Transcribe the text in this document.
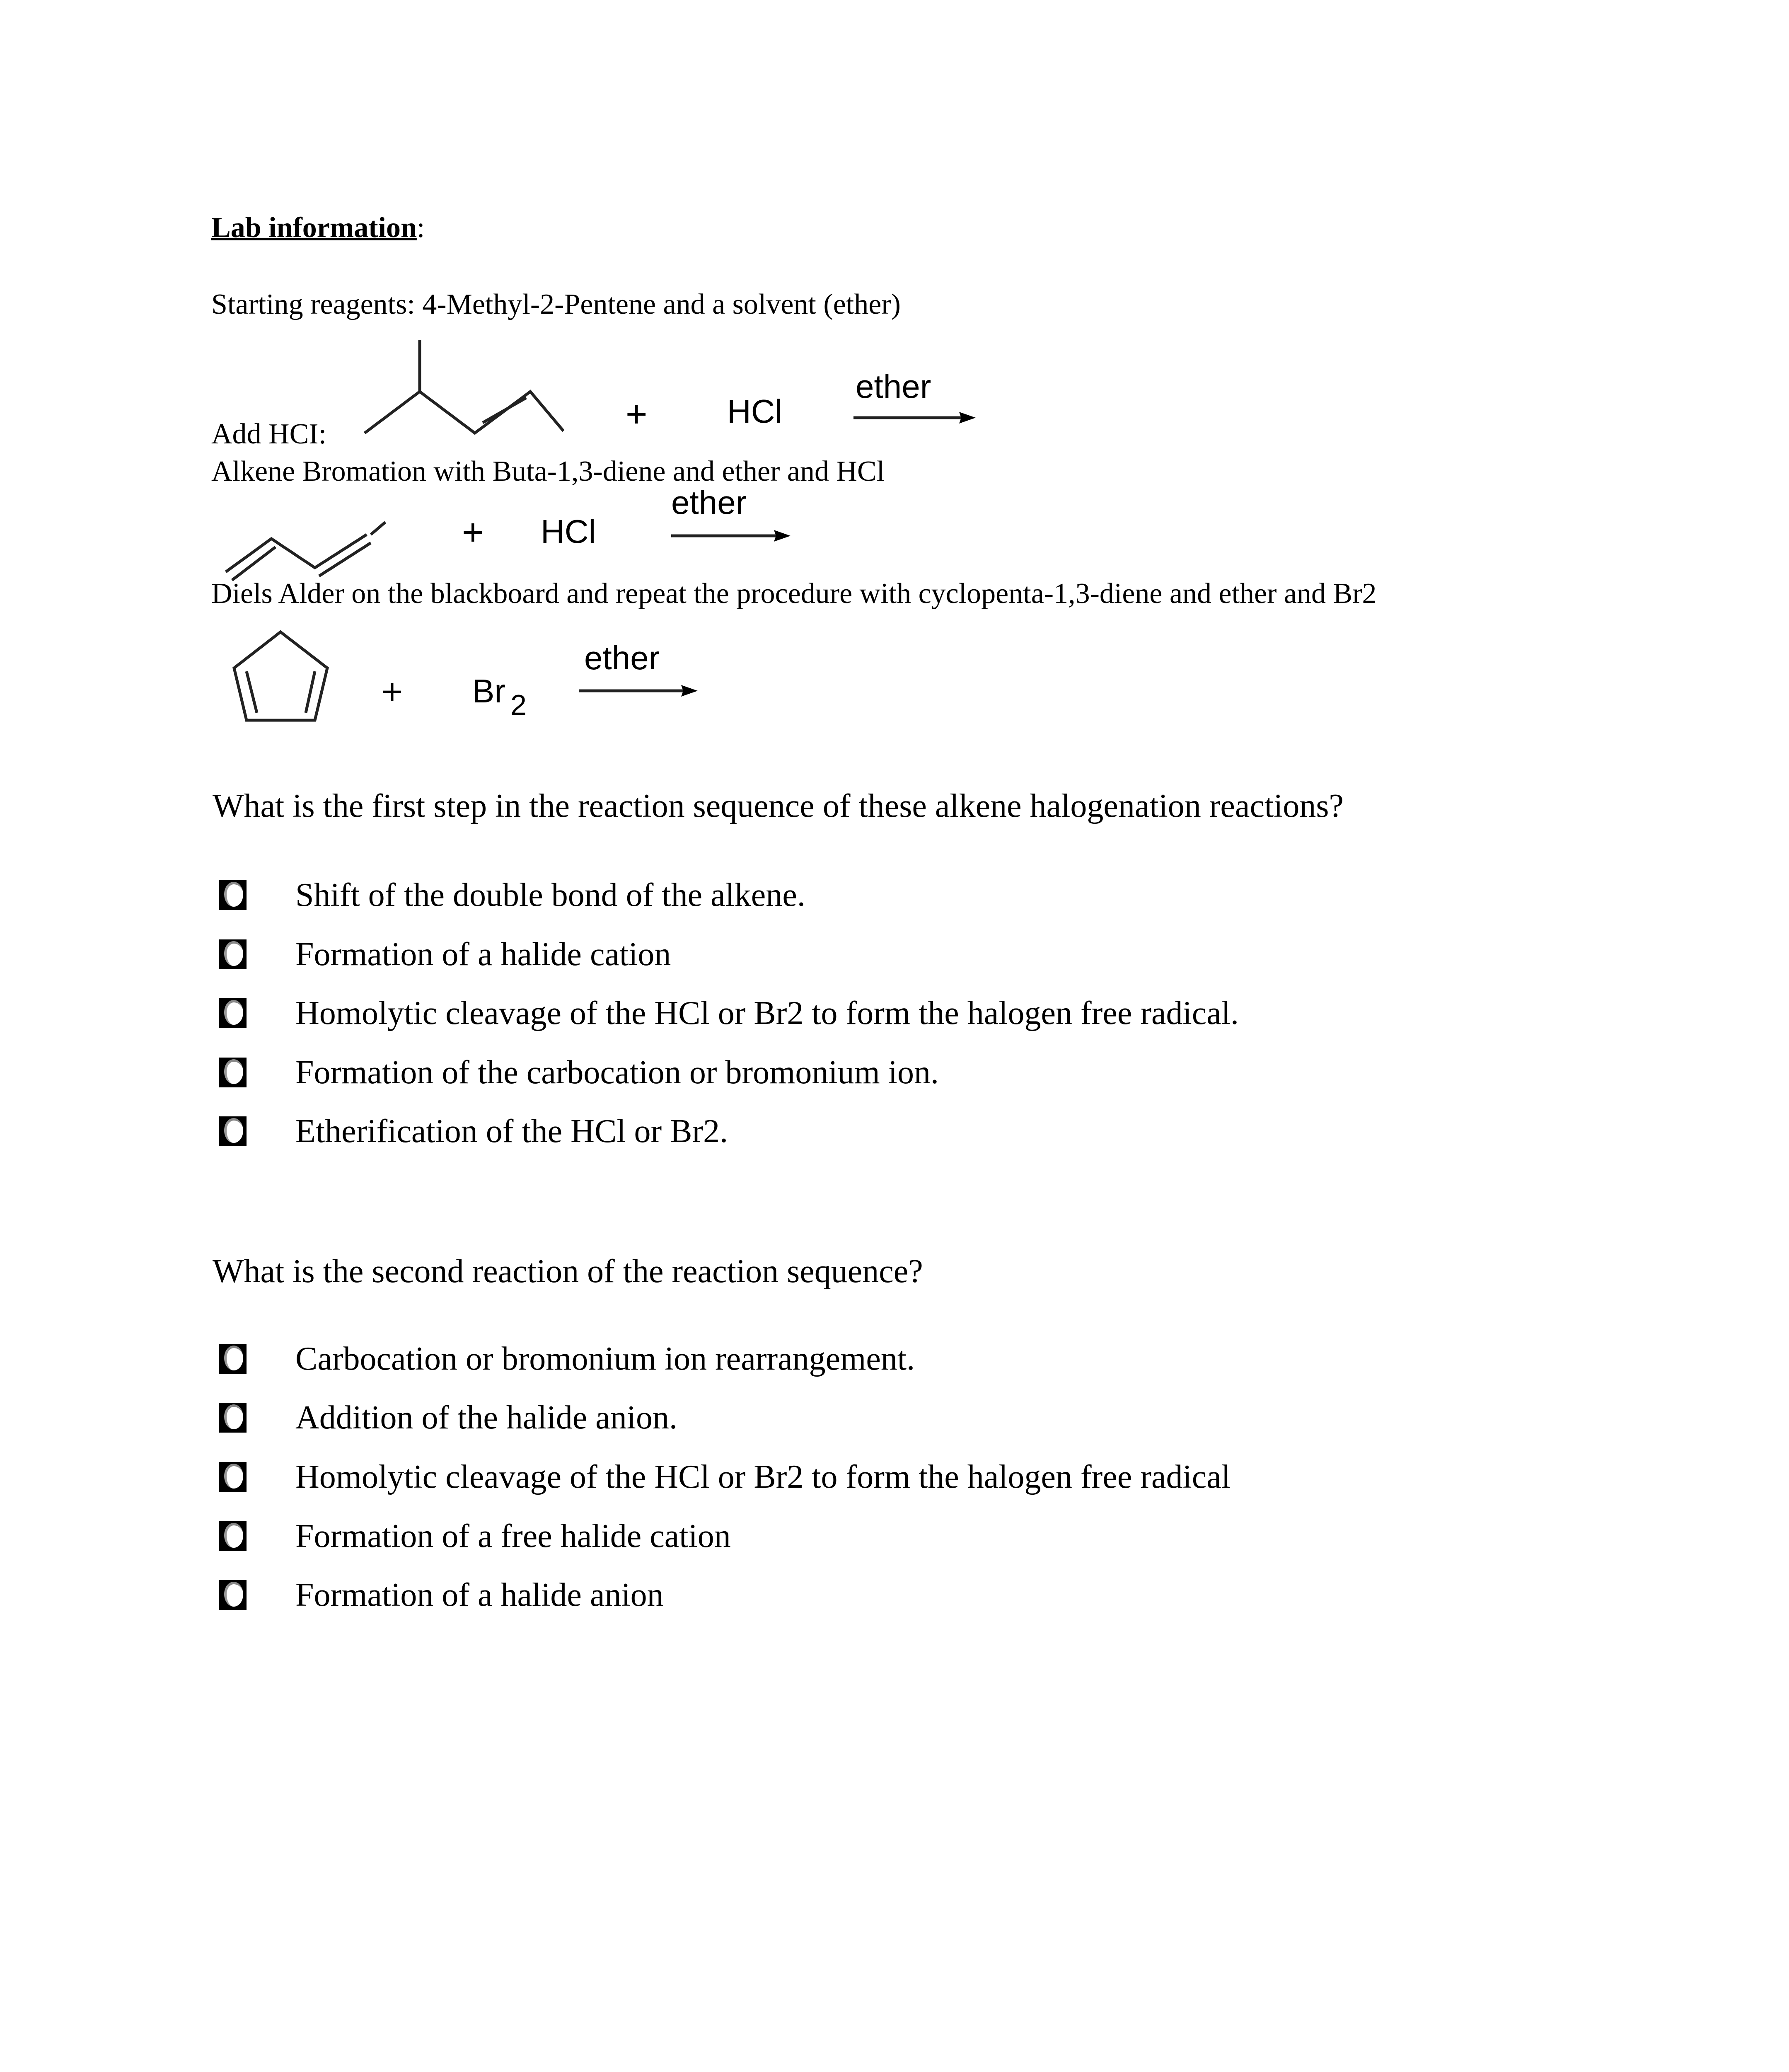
Lab information:
Starting reagents: 4-Methyl-2-Pentene and a solvent (ether)
Add HCI:
Alkene Bromation with Buta-1,3-diene and ether and HCl
Diels Alder on the blackboard and repeat the procedure with cyclopenta-1,3-diene and ether and Br2
+ HCl
ether
+ HCl
ether
+ Br 2
ether
What is the first step in the reaction sequence of these alkene halogenation reactions?
Shift of the double bond of the alkene.
Formation of a halide cation
Homolytic cleavage of the HCl or Br2 to form the halogen free radical.
Formation of the carbocation or bromonium ion.
Etherification of the HCl or Br2.
What is the second reaction of the reaction sequence?
Carbocation or bromonium ion rearrangement.
Addition of the halide anion.
Homolytic cleavage of the HCl or Br2 to form the halogen free radical
Formation of a free halide cation
Formation of a halide anion
